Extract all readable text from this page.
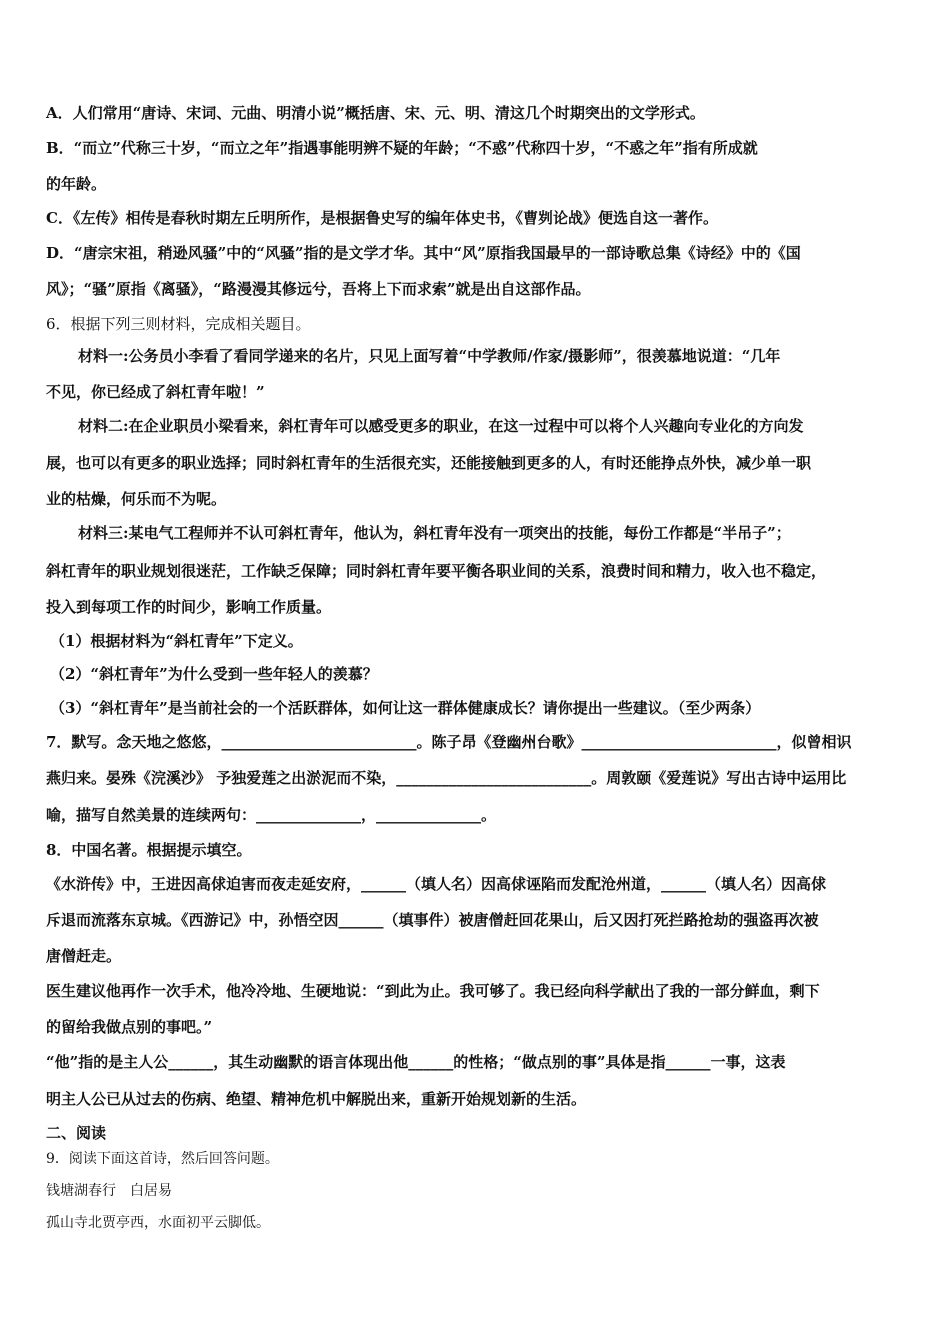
A．人们常用“唐诗、宋词、元曲、明清小说”概括唐、宋、元、明、清这几个时期突出的文学形式。
B．“而立”代称三十岁，“而立之年”指遇事能明辨不疑的年龄；“不惑”代称四十岁，“不惑之年”指有所成就
的年龄。
C．《左传》相传是春秋时期左丘明所作，是根据鲁史写的编年体史书，《曹刿论战》便选自这一著作。
D．“唐宗宋祖，稍逊风骚”中的“风骚”指的是文学才华。其中“风”原指我国最早的一部诗歌总集《诗经》中的《国
风》；“骚”原指《离骚》，“路漫漫其修远兮，吾将上下而求索”就是出自这部作品。
6．根据下列三则材料，完成相关题目。
材料一:公务员小李看了看同学递来的名片，只见上面写着“中学教师/作家/摄影师”，很羡慕地说道：“几年
不见，你已经成了斜杠青年啦！”
材料二:在企业职员小梁看来，斜杠青年可以感受更多的职业，在这一过程中可以将个人兴趣向专业化的方向发
展，也可以有更多的职业选择；同时斜杠青年的生活很充实，还能接触到更多的人，有时还能挣点外快，减少单一职
业的枯燥，何乐而不为呢。
材料三:某电气工程师并不认可斜杠青年，他认为，斜杠青年没有一项突出的技能，每份工作都是“半吊子”；
斜杠青年的职业规划很迷茫，工作缺乏保障；同时斜杠青年要平衡各职业间的关系，浪费时间和精力，收入也不稳定，
投入到每项工作的时间少，影响工作质量。
（1）根据材料为“斜杠青年”下定义。
（2）“斜杠青年”为什么受到一些年轻人的羡慕？
（3）“斜杠青年”是当前社会的一个活跃群体，如何让这一群体健康成长？请你提出一些建议。（至少两条）
7．默写。念天地之悠悠，__________________________。陈子昂《登幽州台歌》__________________________，似曾相识
燕归来。晏殊《浣溪沙》 予独爱莲之出淤泥而不染，__________________________。周敦颐《爱莲说》写出古诗中运用比
喻，描写自然美景的连续两句：______________，______________。
8．中国名著。根据提示填空。
《水浒传》中，王进因高俅迫害而夜走延安府，______（填人名）因高俅诬陷而发配沧州道，______（填人名）因高俅
斥退而流落东京城。《西游记》中，孙悟空因______（填事件）被唐僧赶回花果山，后又因打死拦路抢劫的强盗再次被
唐僧赶走。
医生建议他再作一次手术，他冷冷地、生硬地说：“到此为止。我可够了。我已经向科学献出了我的一部分鲜血，剩下
的留给我做点别的事吧。”
“他”指的是主人公______，其生动幽默的语言体现出他______的性格；“做点别的事”具体是指______一事，这表
明主人公已从过去的伤病、绝望、精神危机中解脱出来，重新开始规划新的生活。
二、阅读
9．阅读下面这首诗，然后回答问题。
钱塘湖春行　白居易
孤山寺北贾亭西，水面初平云脚低。
